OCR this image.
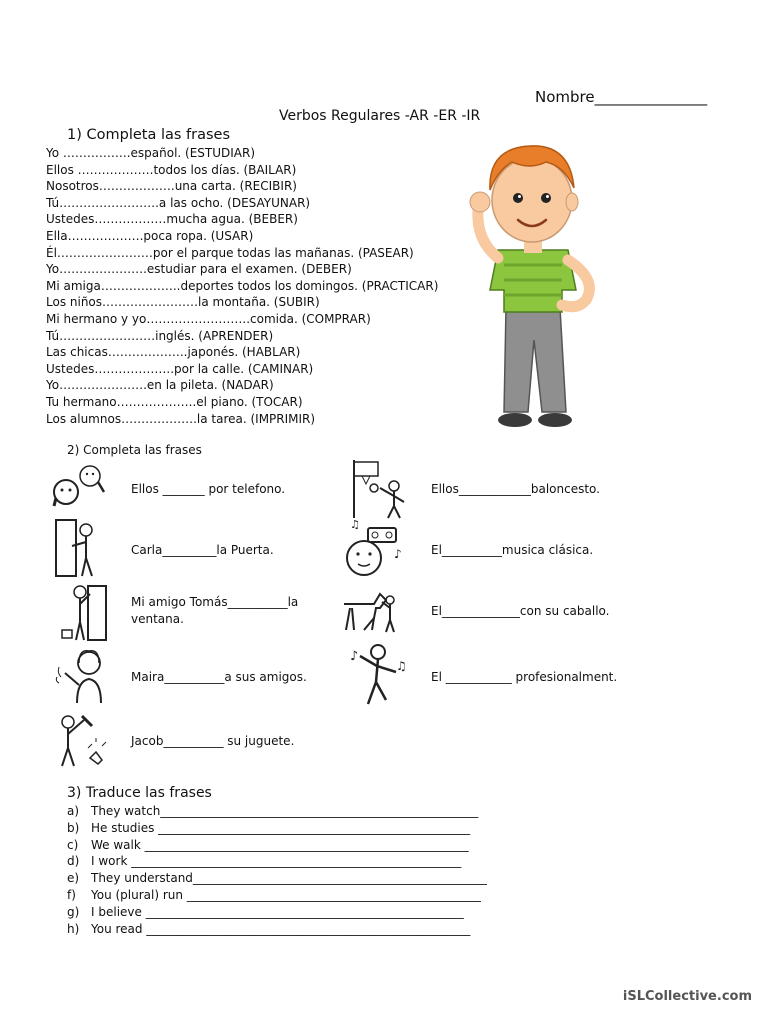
Nombre_______________
Verbos Regulares -AR -ER -IR
1) Completa las frases
Yo ……………..español. (ESTUDIAR)
Ellos ……………….todos los días. (BAILAR)
Nosotros……………….una carta. (RECIBIR)
Tú…………………….a las ocho. (DESAYUNAR)
Ustedes………………mucha agua. (BEBER)
Ella……………….poca ropa. (USAR)
Él……………………por el parque todas las mañanas. (PASEAR)
Yo………………….estudiar para el examen. (DEBER)
Mi amiga………………..deportes todos los domingos. (PRACTICAR)
Los niños……………………la montaña. (SUBIR)
Mi hermano y yo……………………..comida. (COMPRAR)
Tú……………………inglés. (APRENDER)
Las chicas………………..japonés. (HABLAR)
Ustedes………………..por la calle. (CAMINAR)
Yo………………….en la pileta. (NADAR)
Tu hermano………………..el piano. (TOCAR)
Los alumnos……………….la tarea. (IMPRIMIR)
2) Completa las frases
Ellos _______ por telefono.
Carla_________la Puerta.
Mi amigo Tomás__________la
ventana.
Maira__________a sus amigos.
Jacob__________ su juguete.
Ellos____________baloncesto.
♪
♫
El__________musica clásica.
El_____________con su caballo.
♪
♫
El ___________ profesionalment.
3) Traduce las frases
a) They watch_____________________________________________________
b) He studies ____________________________________________________
c)	We walk ______________________________________________________
d) I work _______________________________________________________
e) They understand_________________________________________________
f)	You (plural) run _________________________________________________
g) I believe _____________________________________________________
h) You read ______________________________________________________
iSLCollective.com
